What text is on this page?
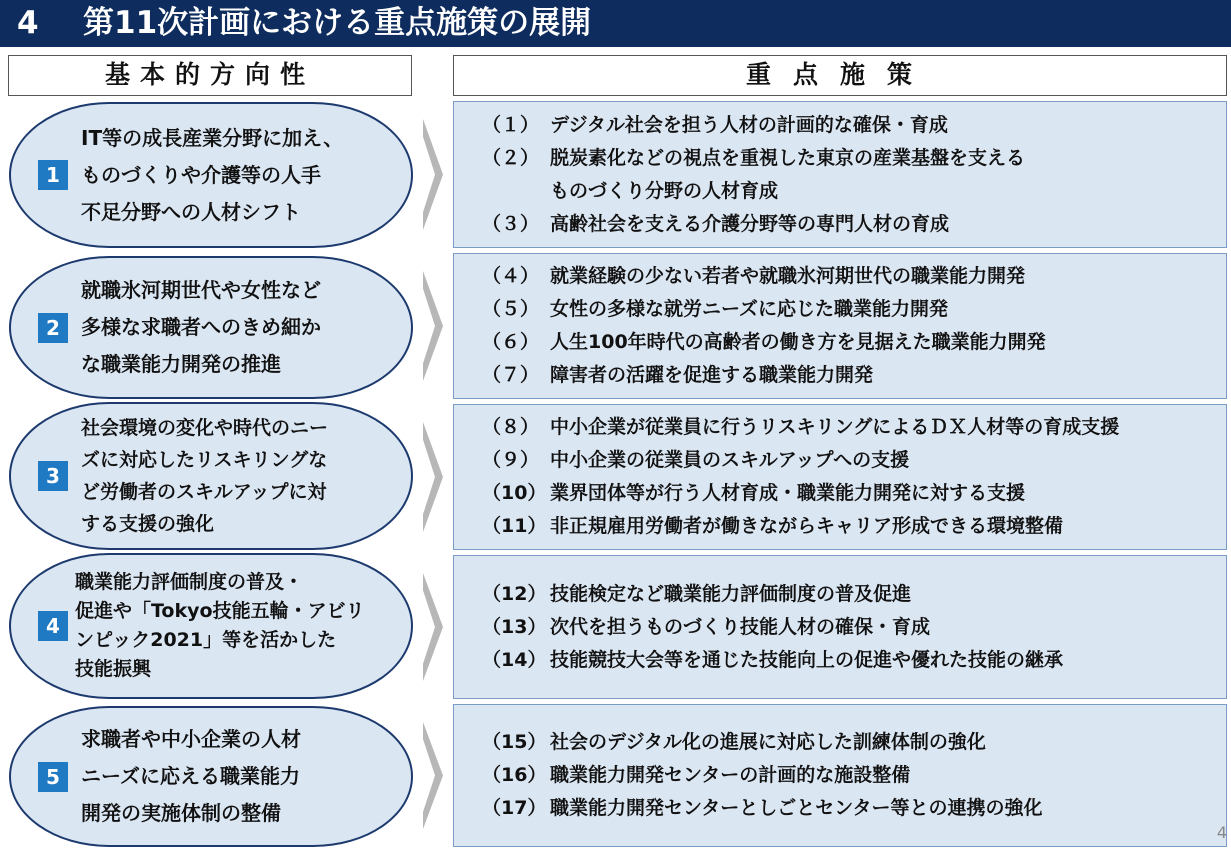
4 第11次計画における重点施策の展開
基本的方向性	重点施策
1
IT等の成長産業分野に加え、
ものづくりや介護等の人手
不足分野への人材シフト
（１） デジタル社会を担う人材の計画的な確保・育成
（２） 脱炭素化などの視点を重視した東京の産業基盤を支える
ものづくり分野の人材育成
（３） 高齢社会を支える介護分野等の専門人材の育成
2
就職氷河期世代や女性など
多様な求職者へのきめ細か
な職業能力開発の推進
（４） 就業経験の少ない若者や就職氷河期世代の職業能力開発
（５） 女性の多様な就労ニーズに応じた職業能力開発
（６） 人生100年時代の高齢者の働き方を見据えた職業能力開発
（７） 障害者の活躍を促進する職業能力開発
3
社会環境の変化や時代のニー
ズに対応したリスキリングな
ど労働者のスキルアップに対
する支援の強化
（８） 中小企業が従業員に行うリスキリングによるＤＸ人材等の育成支援
（９） 中小企業の従業員のスキルアップへの支援
（10） 業界団体等が行う人材育成・職業能力開発に対する支援
（11） 非正規雇用労働者が働きながらキャリア形成できる環境整備
4
職業能力評価制度の普及・
促進や「Tokyo技能五輪・アビリ
ンピック2021」等を活かした
技能振興
（12） 技能検定など職業能力評価制度の普及促進
（13） 次代を担うものづくり技能人材の確保・育成
（14） 技能競技大会等を通じた技能向上の促進や優れた技能の継承
5
求職者や中小企業の人材
ニーズに応える職業能力
開発の実施体制の整備
（15） 社会のデジタル化の進展に対応した訓練体制の強化
（16） 職業能力開発センターの計画的な施設整備
（17） 職業能力開発センターとしごとセンター等との連携の強化
4
